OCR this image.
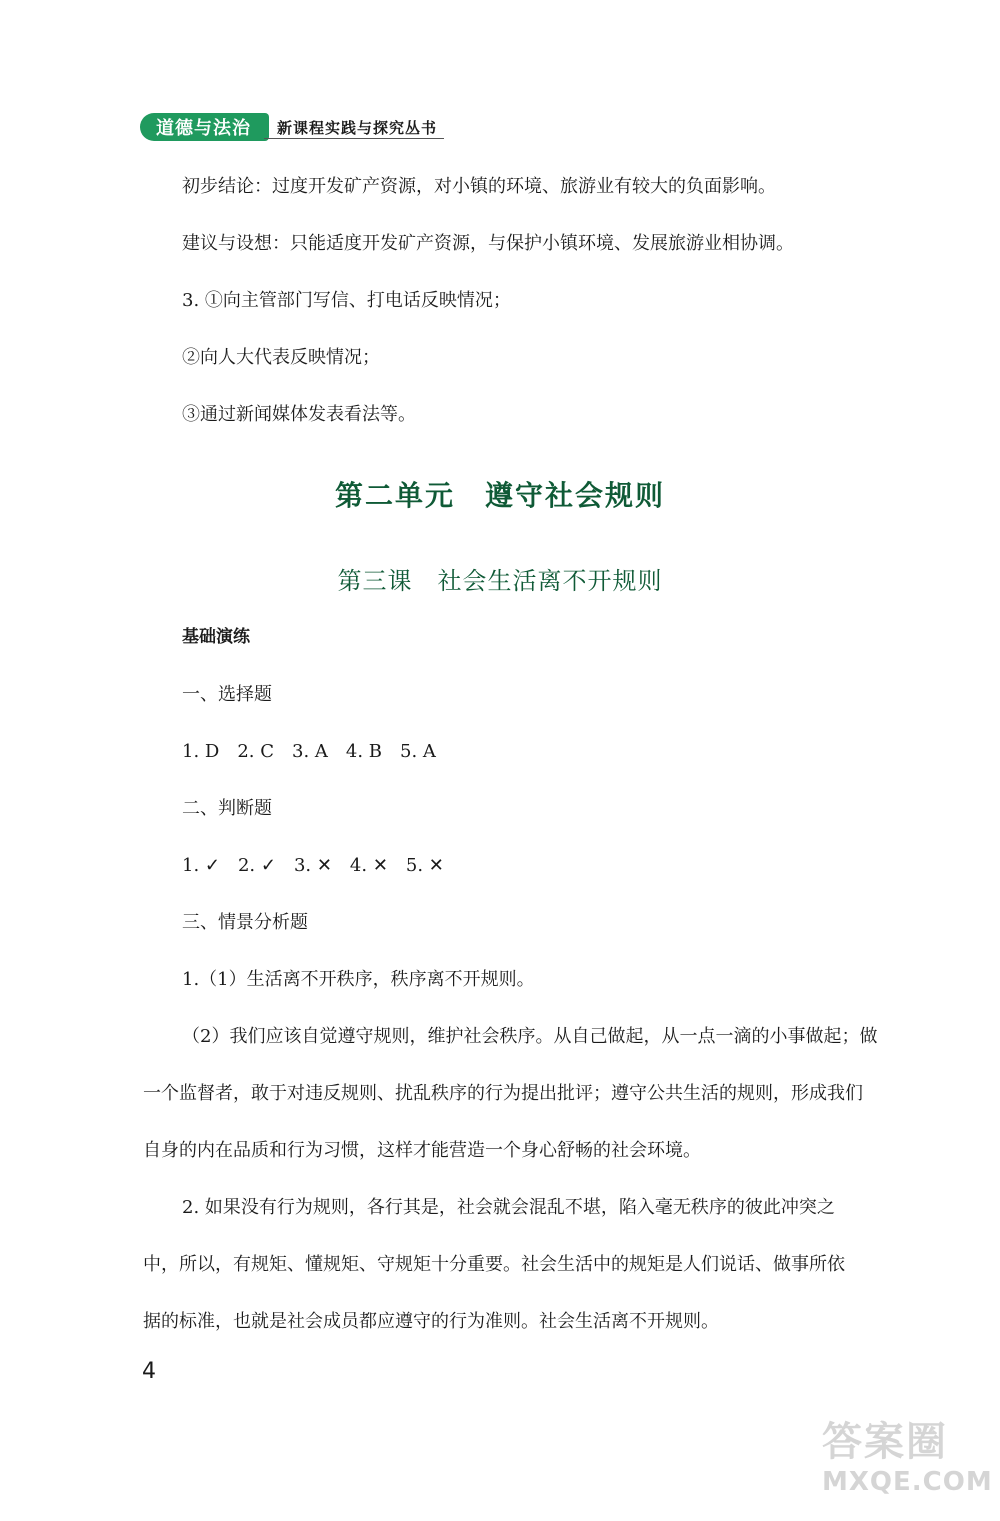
道德与法治	新课程实践与探究丛书
初步结论：过度开发矿产资源，对小镇的环境、旅游业有较大的负面影响。
建议与设想：只能适度开发矿产资源，与保护小镇环境、发展旅游业相协调。
3. ①向主管部门写信、打电话反映情况；
②向人大代表反映情况；
③通过新闻媒体发表看法等。
第二单元　遵守社会规则
第三课　社会生活离不开规则
基础演练
一、选择题
1. D　2. C　3. A　4. B　5. A
二、判断题
1. ✓　2. ✓　3. ✕　4. ✕　5. ✕
三、情景分析题
1.（1）生活离不开秩序，秩序离不开规则。
（2）我们应该自觉遵守规则，维护社会秩序。从自己做起，从一点一滴的小事做起；做
一个监督者，敢于对违反规则、扰乱秩序的行为提出批评；遵守公共生活的规则，形成我们
自身的内在品质和行为习惯，这样才能营造一个身心舒畅的社会环境。
2. 如果没有行为规则，各行其是，社会就会混乱不堪，陷入毫无秩序的彼此冲突之
中，所以，有规矩、懂规矩、守规矩十分重要。社会生活中的规矩是人们说话、做事所依
据的标准，也就是社会成员都应遵守的行为准则。社会生活离不开规则。
4
答案圈
MXQE.COM
